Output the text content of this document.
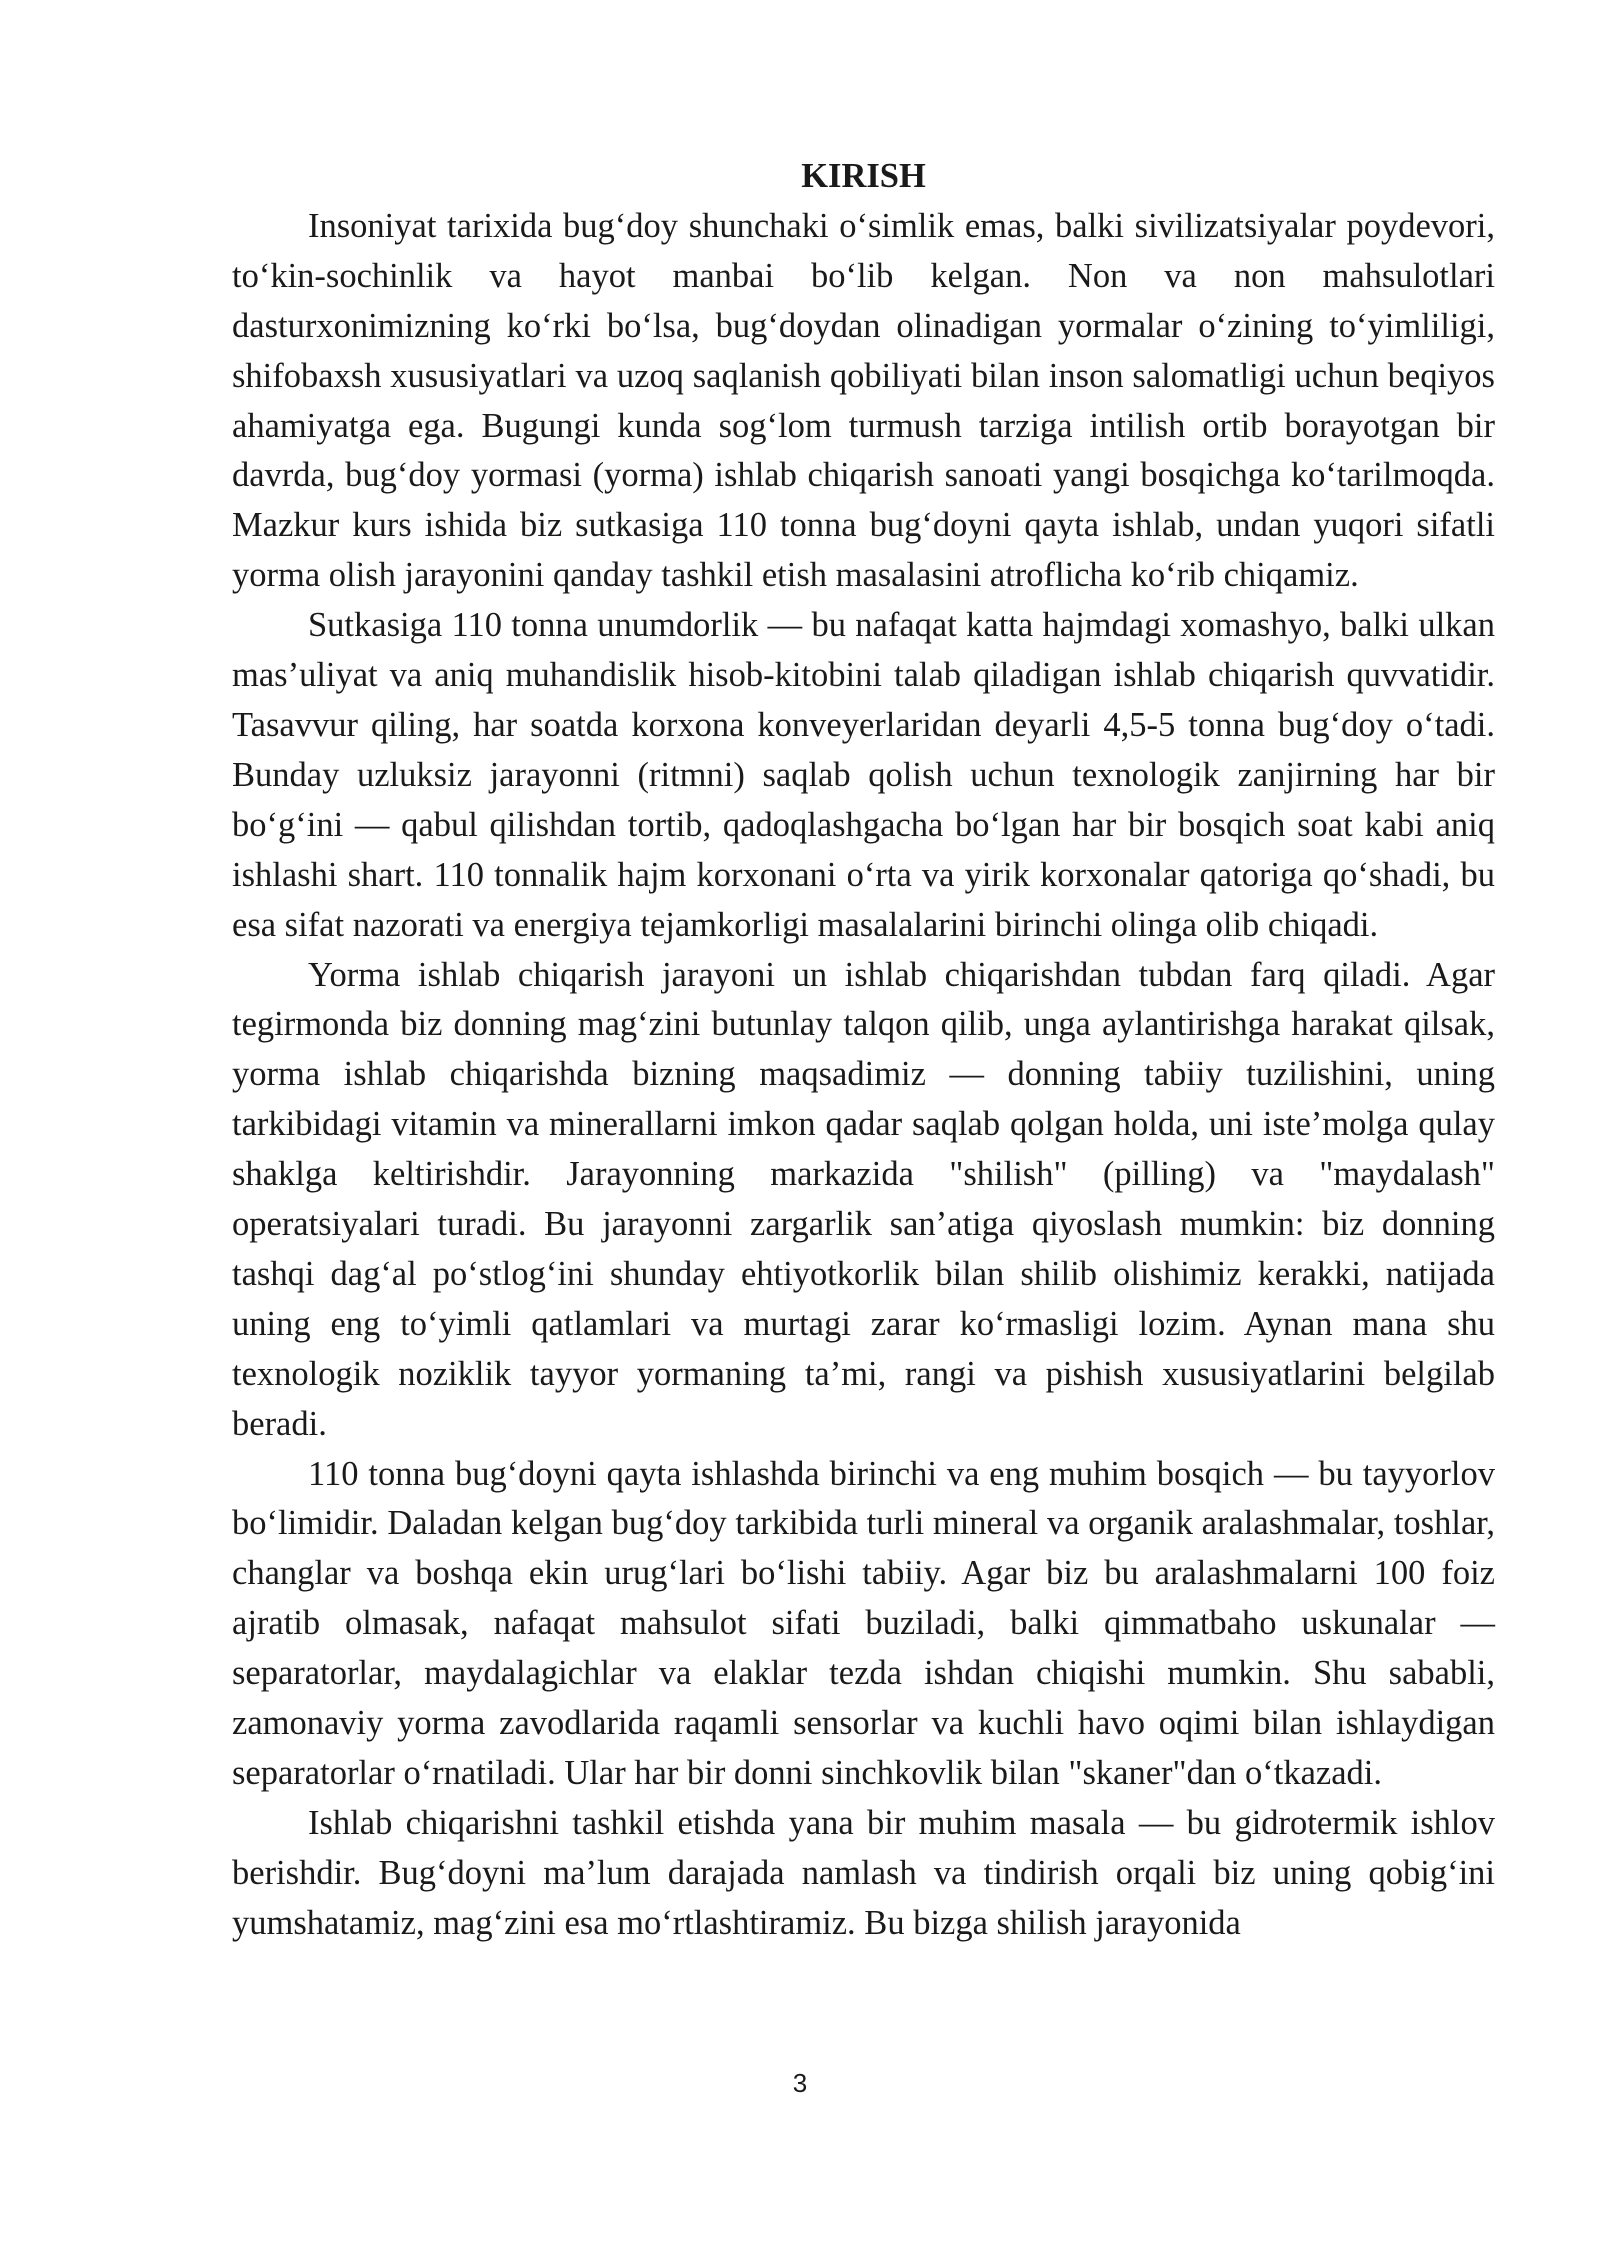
KIRISH

Insoniyat tarixida bug‘doy shunchaki o‘simlik emas, balki sivilizatsiyalar poydevori, to‘kin-sochinlik va hayot manbai bo‘lib kelgan. Non va non mahsulotlari dasturxonimizning ko‘rki bo‘lsa, bug‘doydan olinadigan yormalar o‘zining to‘yimliligi, shifobaxsh xususiyatlari va uzoq saqlanish qobiliyati bilan inson salomatligi uchun beqiyos ahamiyatga ega. Bugungi kunda sog‘lom turmush tarziga intilish ortib borayotgan bir davrda, bug‘doy yormasi (yorma) ishlab chiqarish sanoati yangi bosqichga ko‘tarilmoqda. Mazkur kurs ishida biz sutkasiga 110 tonna bug‘doyni qayta ishlab, undan yuqori sifatli yorma olish jarayonini qanday tashkil etish masalasini atroflicha ko‘rib chiqamiz.

Sutkasiga 110 tonna unumdorlik — bu nafaqat katta hajmdagi xomashyo, balki ulkan mas’uliyat va aniq muhandislik hisob-kitobini talab qiladigan ishlab chiqarish quvvatidir. Tasavvur qiling, har soatda korxona konveyerlaridan deyarli 4,5-5 tonna bug‘doy o‘tadi. Bunday uzluksiz jarayonni (ritmni) saqlab qolish uchun texnologik zanjirning har bir bo‘g‘ini — qabul qilishdan tortib, qadoqlashgacha bo‘lgan har bir bosqich soat kabi aniq ishlashi shart. 110 tonnalik hajm korxonani o‘rta va yirik korxonalar qatoriga qo‘shadi, bu esa sifat nazorati va energiya tejamkorligi masalalarini birinchi olinga olib chiqadi.

Yorma ishlab chiqarish jarayoni un ishlab chiqarishdan tubdan farq qiladi. Agar tegirmonda biz donning mag‘zini butunlay talqon qilib, unga aylantirishga harakat qilsak, yorma ishlab chiqarishda bizning maqsadimiz — donning tabiiy tuzilishini, uning tarkibidagi vitamin va minerallarni imkon qadar saqlab qolgan holda, uni iste’molga qulay shaklga keltirishdir. Jarayonning markazida "shilish" (pilling) va "maydalash" operatsiyalari turadi. Bu jarayonni zargarlik san’atiga qiyoslash mumkin: biz donning tashqi dag‘al po‘stlog‘ini shunday ehtiyotkorlik bilan shilib olishimiz kerakki, natijada uning eng to‘yimli qatlamlari va murtagi zarar ko‘rmasligi lozim. Aynan mana shu texnologik noziklik tayyor yormaning ta’mi, rangi va pishish xususiyatlarini belgilab beradi.

110 tonna bug‘doyni qayta ishlashda birinchi va eng muhim bosqich — bu tayyorlov bo‘limidir. Daladan kelgan bug‘doy tarkibida turli mineral va organik aralashmalar, toshlar, changlar va boshqa ekin urug‘lari bo‘lishi tabiiy. Agar biz bu aralashmalarni 100 foiz ajratib olmasak, nafaqat mahsulot sifati buziladi, balki qimmatbaho uskunalar — separatorlar, maydalagichlar va elaklar tezda ishdan chiqishi mumkin. Shu sababli, zamonaviy yorma zavodlarida raqamli sensorlar va kuchli havo oqimi bilan ishlaydigan separatorlar o‘rnatiladi. Ular har bir donni sinchkovlik bilan "skaner"dan o‘tkazadi.

Ishlab chiqarishni tashkil etishda yana bir muhim masala — bu gidrotermik ishlov berishdir. Bug‘doyni ma’lum darajada namlash va tindirish orqali biz uning qobig‘ini yumshatamiz, mag‘zini esa mo‘rtlashtiramiz. Bu bizga shilish jarayonida

3
